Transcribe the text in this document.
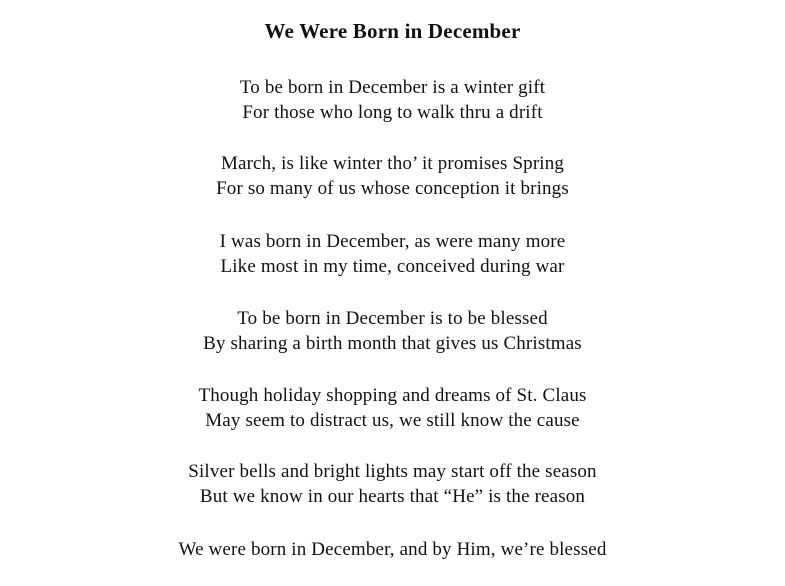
We Were Born in December
To be born in December is a winter gift
For those who long to walk thru a drift
March, is like winter tho’ it promises Spring
For so many of us whose conception it brings
I was born in December, as were many more
Like most in my time, conceived during war
To be born in December is to be blessed
By sharing a birth month that gives us Christmas
Though holiday shopping and dreams of St. Claus
May seem to distract us, we still know the cause
Silver bells and bright lights may start off the season
But we know in our hearts that “He” is the reason
We were born in December, and by Him, we’re blessed
